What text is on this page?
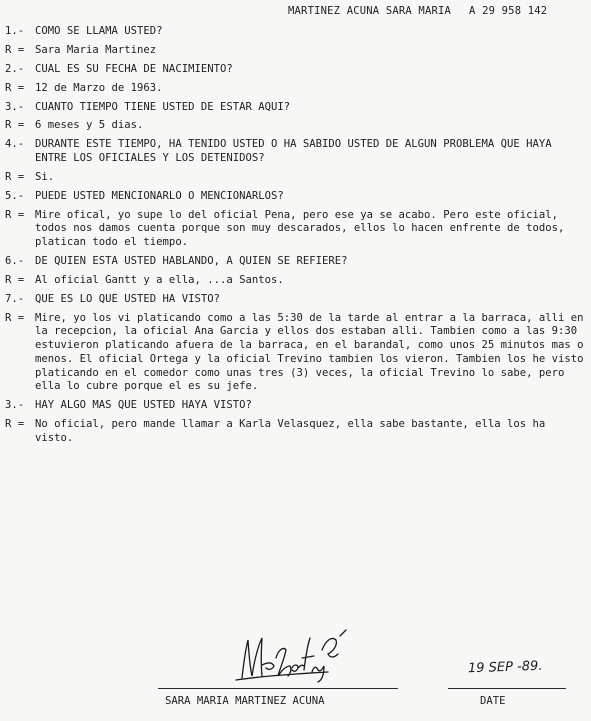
MARTINEZ ACUNA SARA MARIA A 29 958 142
1.-	COMO SE LLAMA USTED?
R =	Sara Maria Martinez
2.-	CUAL ES SU FECHA DE NACIMIENTO?
R =	12 de Marzo de 1963.
3.-	CUANTO TIEMPO TIENE USTED DE ESTAR AQUI?
R =	6 meses y 5 dias.
4.-	DURANTE ESTE TIEMPO, HA TENIDO USTED O HA SABIDO USTED DE ALGUN PROBLEMA QUE HAYA ENTRE LOS OFICIALES Y LOS DETENIDOS?
R =	Si.
5.-	PUEDE USTED MENCIONARLO O MENCIONARLOS?
R =	Mire ofical, yo supe lo del oficial Pena, pero ese ya se acabo. Pero este oficial, todos nos damos cuenta porque son muy descarados, ellos lo hacen enfrente de todos, platican todo el tiempo.
6.-	DE QUIEN ESTA USTED HABLANDO, A QUIEN SE REFIERE?
R =	Al oficial Gantt y a ella, ...a Santos.
7.-	QUE ES LO QUE USTED HA VISTO?
R =	Mire, yo los vi platicando como a las 5:30 de la tarde al entrar a la barraca, alli en la recepcion, la oficial Ana Garcia y ellos dos estaban alli. Tambien como a las 9:30 estuvieron platicando afuera de la barraca, en el barandal, como unos 25 minutos mas o menos. El oficial Ortega y la oficial Trevino tambien los vieron. Tambien los he visto platicando en el comedor como unas tres (3) veces, la oficial Trevino lo sabe, pero ella lo cubre porque el es su jefe.
3.-	HAY ALGO MAS QUE USTED HAYA VISTO?
R =	No oficial, pero mande llamar a Karla Velasquez, ella sabe bastante, ella los ha visto.
SARA MARIA MARTINEZ ACUNA
19 SEP -89.
DATE
